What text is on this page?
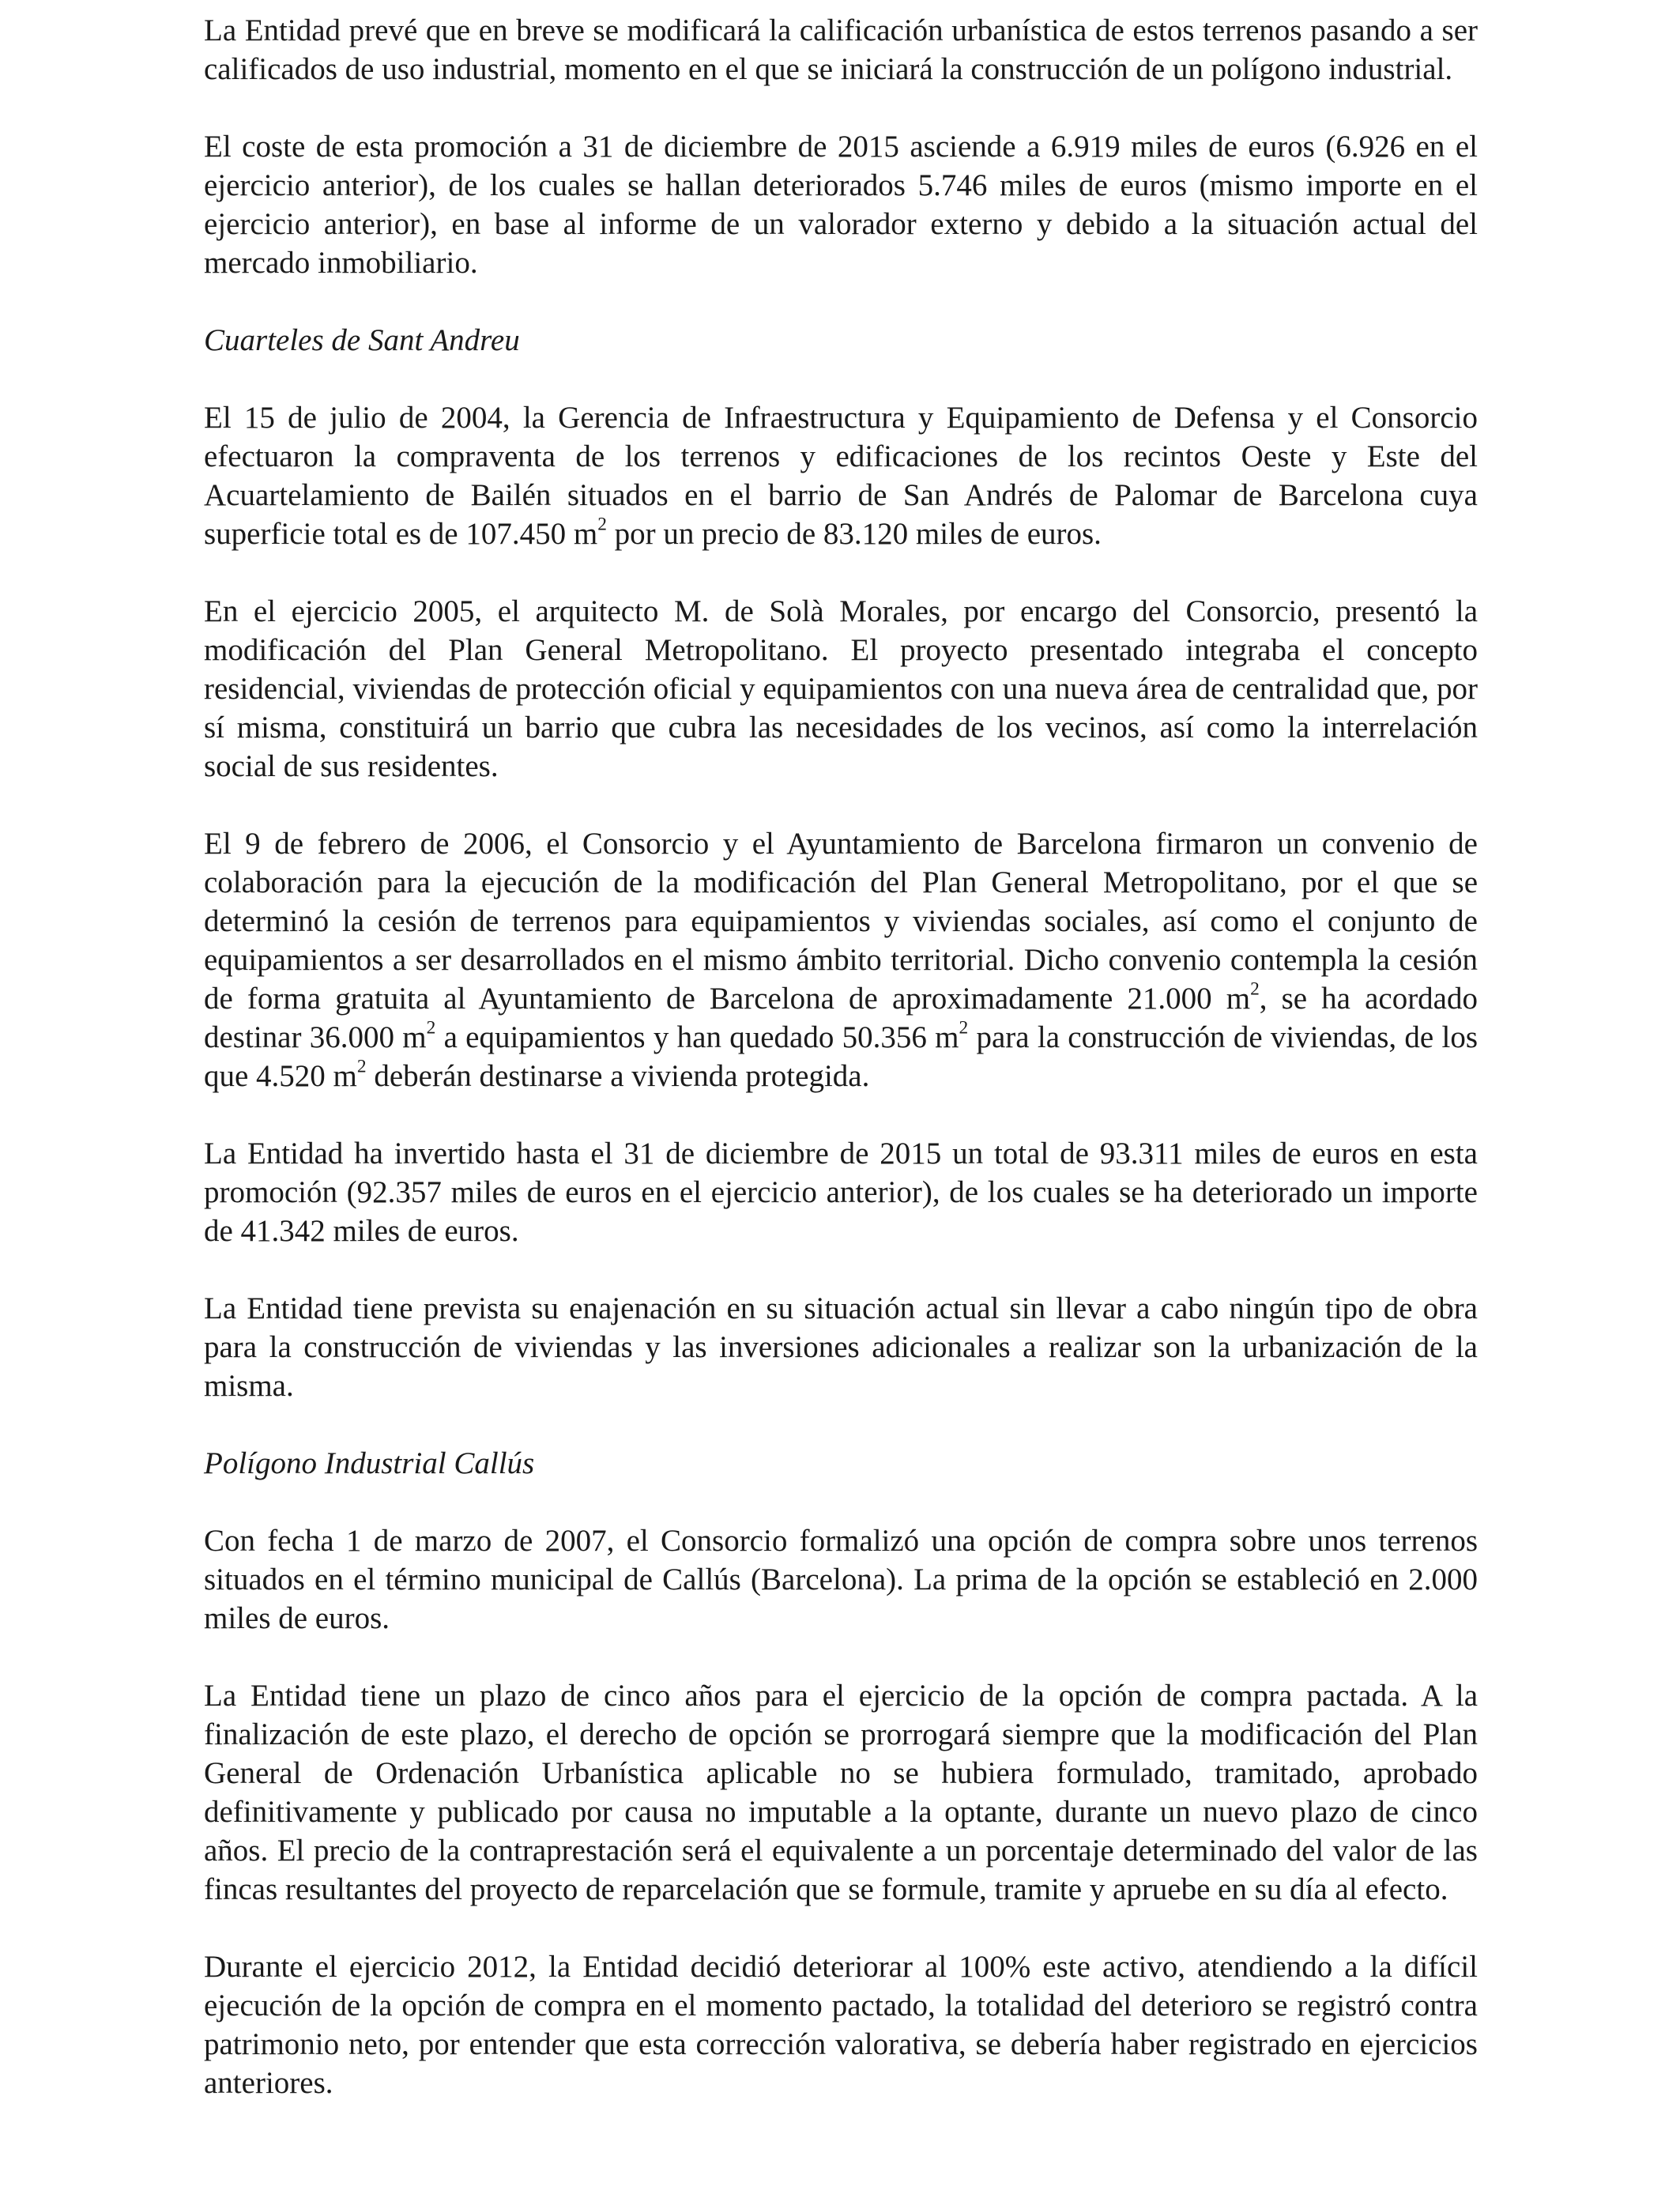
La Entidad prevé que en breve se modificará la calificación urbanística de estos terrenos pasando a ser calificados de uso industrial, momento en el que se iniciará la construcción de un polígono industrial.

El coste de esta promoción a 31 de diciembre de 2015 asciende a 6.919 miles de euros (6.926 en el ejercicio anterior), de los cuales se hallan deteriorados 5.746 miles de euros (mismo importe en el ejercicio anterior), en base al informe de un valorador externo y debido a la situación actual del mercado inmobiliario.

Cuarteles de Sant Andreu

El 15 de julio de 2004, la Gerencia de Infraestructura y Equipamiento de Defensa y el Consorcio efectuaron la compraventa de los terrenos y edificaciones de los recintos Oeste y Este del Acuartelamiento de Bailén situados en el barrio de San Andrés de Palomar de Barcelona cuya superficie total es de 107.450 $m^2$ por un precio de 83.120 miles de euros.

En el ejercicio 2005, el arquitecto M. de Solà Morales, por encargo del Consorcio, presentó la modificación del Plan General Metropolitano. El proyecto presentado integraba el concepto residencial, viviendas de protección oficial y equipamientos con una nueva área de centralidad que, por sí misma, constituirá un barrio que cubra las necesidades de los vecinos, así como la interrelación social de sus residentes.

El 9 de febrero de 2006, el Consorcio y el Ayuntamiento de Barcelona firmaron un convenio de colaboración para la ejecución de la modificación del Plan General Metropolitano, por el que se determinó la cesión de terrenos para equipamientos y viviendas sociales, así como el conjunto de equipamientos a ser desarrollados en el mismo ámbito territorial. Dicho convenio contempla la cesión de forma gratuita al Ayuntamiento de Barcelona de aproximadamente 21.000 $m^2$, se ha acordado destinar 36.000 $m^2$ a equipamientos y han quedado 50.356 $m^2$ para la construcción de viviendas, de los que 4.520 $m^2$ deberán destinarse a vivienda protegida.

La Entidad ha invertido hasta el 31 de diciembre de 2015 un total de 93.311 miles de euros en esta promoción (92.357 miles de euros en el ejercicio anterior), de los cuales se ha deteriorado un importe de 41.342 miles de euros.

La Entidad tiene prevista su enajenación en su situación actual sin llevar a cabo ningún tipo de obra para la construcción de viviendas y las inversiones adicionales a realizar son la urbanización de la misma.

Polígono Industrial Callús

Con fecha 1 de marzo de 2007, el Consorcio formalizó una opción de compra sobre unos terrenos situados en el término municipal de Callús (Barcelona). La prima de la opción se estableció en 2.000 miles de euros.

La Entidad tiene un plazo de cinco años para el ejercicio de la opción de compra pactada. A la finalización de este plazo, el derecho de opción se prorrogará siempre que la modificación del Plan General de Ordenación Urbanística aplicable no se hubiera formulado, tramitado, aprobado definitivamente y publicado por causa no imputable a la optante, durante un nuevo plazo de cinco años. El precio de la contraprestación será el equivalente a un porcentaje determinado del valor de las fincas resultantes del proyecto de reparcelación que se formule, tramite y apruebe en su día al efecto.

Durante el ejercicio 2012, la Entidad decidió deteriorar al 100% este activo, atendiendo a la difícil ejecución de la opción de compra en el momento pactado, la totalidad del deterioro se registró contra patrimonio neto, por entender que esta corrección valorativa, se debería haber registrado en ejercicios anteriores.
